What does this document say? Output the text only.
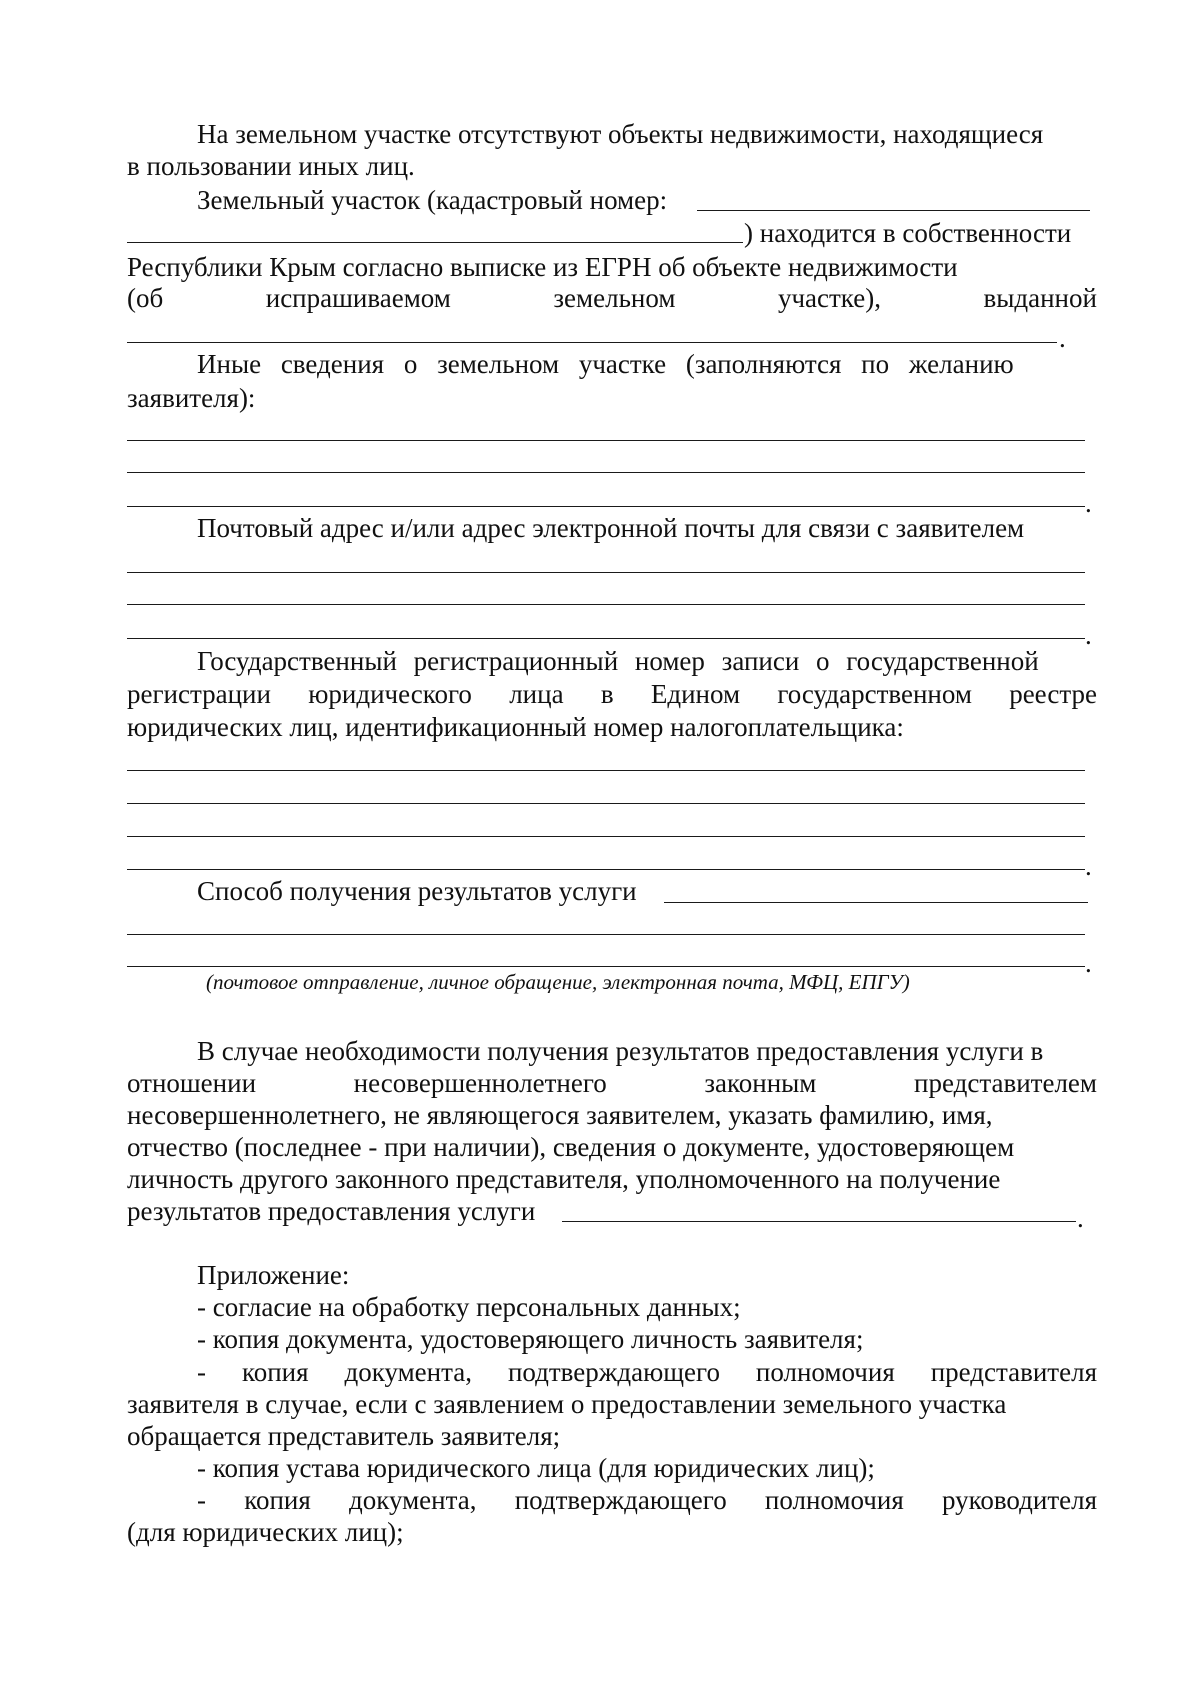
На земельном участке отсутствуют объекты недвижимости, находящиеся
в пользовании иных лиц.
Земельный участок (кадастровый номер:
) находится в собственности
Республики Крым согласно выписке из ЕГРН об объекте недвижимости
(об	испрашиваемом	земельном	участке),	выданной
.
Иные сведения о земельном участке (заполняются по желанию
заявителя):
.
Почтовый адрес и/или адрес электронной почты для связи с заявителем
.
Государственный регистрационный номер записи о государственной
регистрации юридического лица в Едином государственном реестре
юридических лиц, идентификационный номер налогоплательщика:
.
Способ получения результатов услуги
.
(почтовое отправление, личное обращение, электронная почта, МФЦ, ЕПГУ)
В случае необходимости получения результатов предоставления услуги в
отношении	несовершеннолетнего	законным	представителем
несовершеннолетнего, не являющегося заявителем, указать фамилию, имя,
отчество (последнее - при наличии), сведения о документе, удостоверяющем
личность другого законного представителя, уполномоченного на получение
результатов предоставления услуги	.
Приложение:
- согласие на обработку персональных данных;
- копия документа, удостоверяющего личность заявителя;
- копия документа, подтверждающего полномочия представителя
заявителя в случае, если с заявлением о предоставлении земельного участка
обращается представитель заявителя;
- копия устава юридического лица (для юридических лиц);
- копия документа, подтверждающего полномочия руководителя
(для юридических лиц);
